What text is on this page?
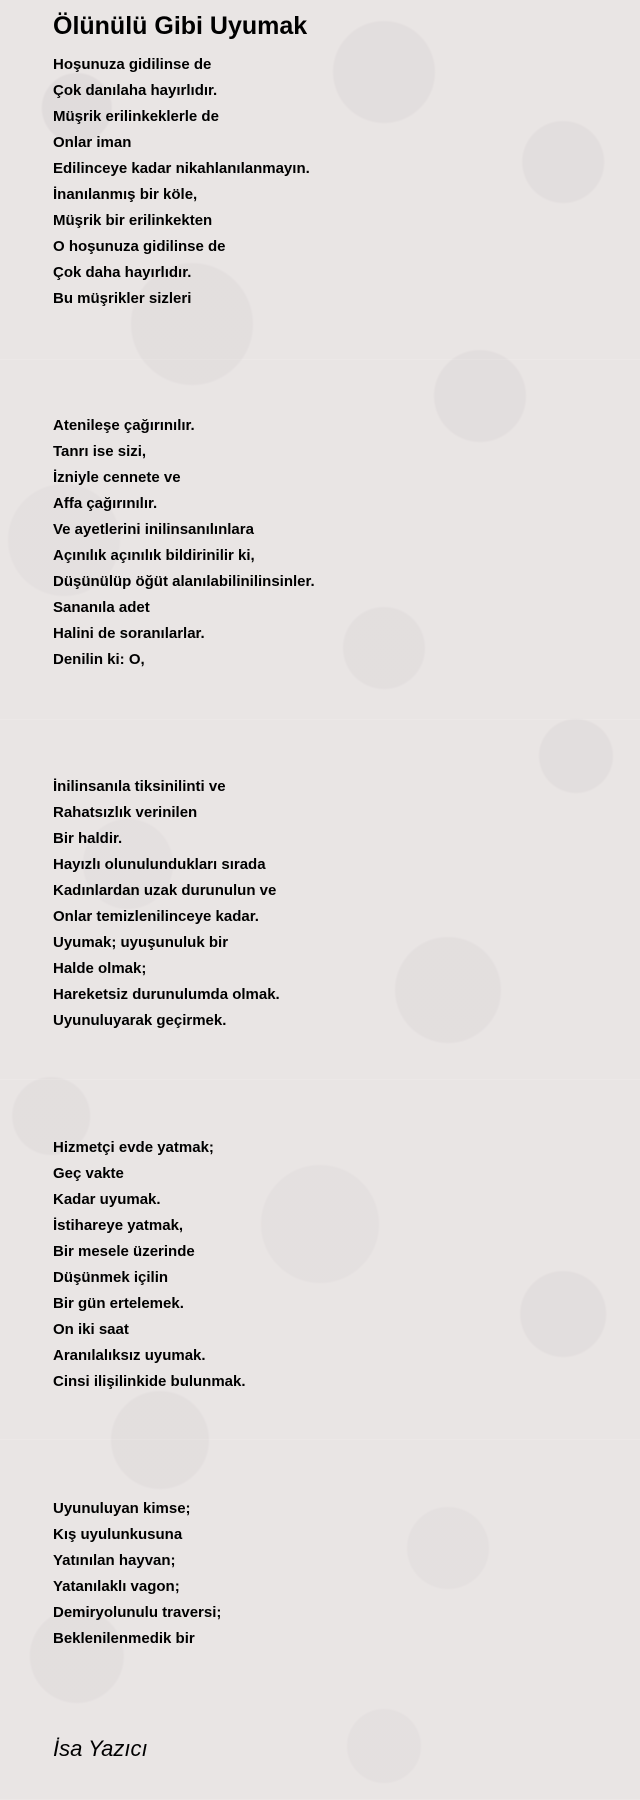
Ölünülü Gibi Uyumak
Hoşunuza gidilinse de
Çok danılaha hayırlıdır.
Müşrik erilinkeklerle de
Onlar iman
Edilinceye kadar nikahlanılanmayın.
İnanılanmış bir köle,
Müşrik bir erilinkekten
O hoşunuza gidilinse de
Çok daha hayırlıdır.
Bu müşrikler sizleri
Atenileşe çağırınılır.
Tanrı ise sizi,
İzniyle cennete ve
Affa çağırınılır.
Ve ayetlerini inilinsanılınlara
Açınılık açınılık bildirinilir ki,
Düşünülüp öğüt alanılabilinilinsinler.
Sananıla adet
Halini de soranılarlar.
Denilin ki: O,
İnilinsanıla tiksinilinti ve
Rahatsızlık verinilen
Bir haldir.
Hayızlı olunulundukları sırada
Kadınlardan uzak durunulun ve
Onlar temizlenilinceye kadar.
Uyumak; uyuşunuluk bir
Halde olmak;
Hareketsiz durunulumda olmak.
Uyunuluyarak geçirmek.
Hizmetçi evde yatmak;
Geç vakte
Kadar uyumak.
İstihareye yatmak,
Bir mesele üzerinde
Düşünmek içilin
Bir gün ertelemek.
On iki saat
Aranılalıksız uyumak.
Cinsi ilişilinkide bulunmak.
Uyunuluyan kimse;
Kış uyulunkusuna
Yatınılan hayvan;
Yatanılaklı vagon;
Demiryolunulu traversi;
Beklenilenmedik bir
İsa Yazıcı
